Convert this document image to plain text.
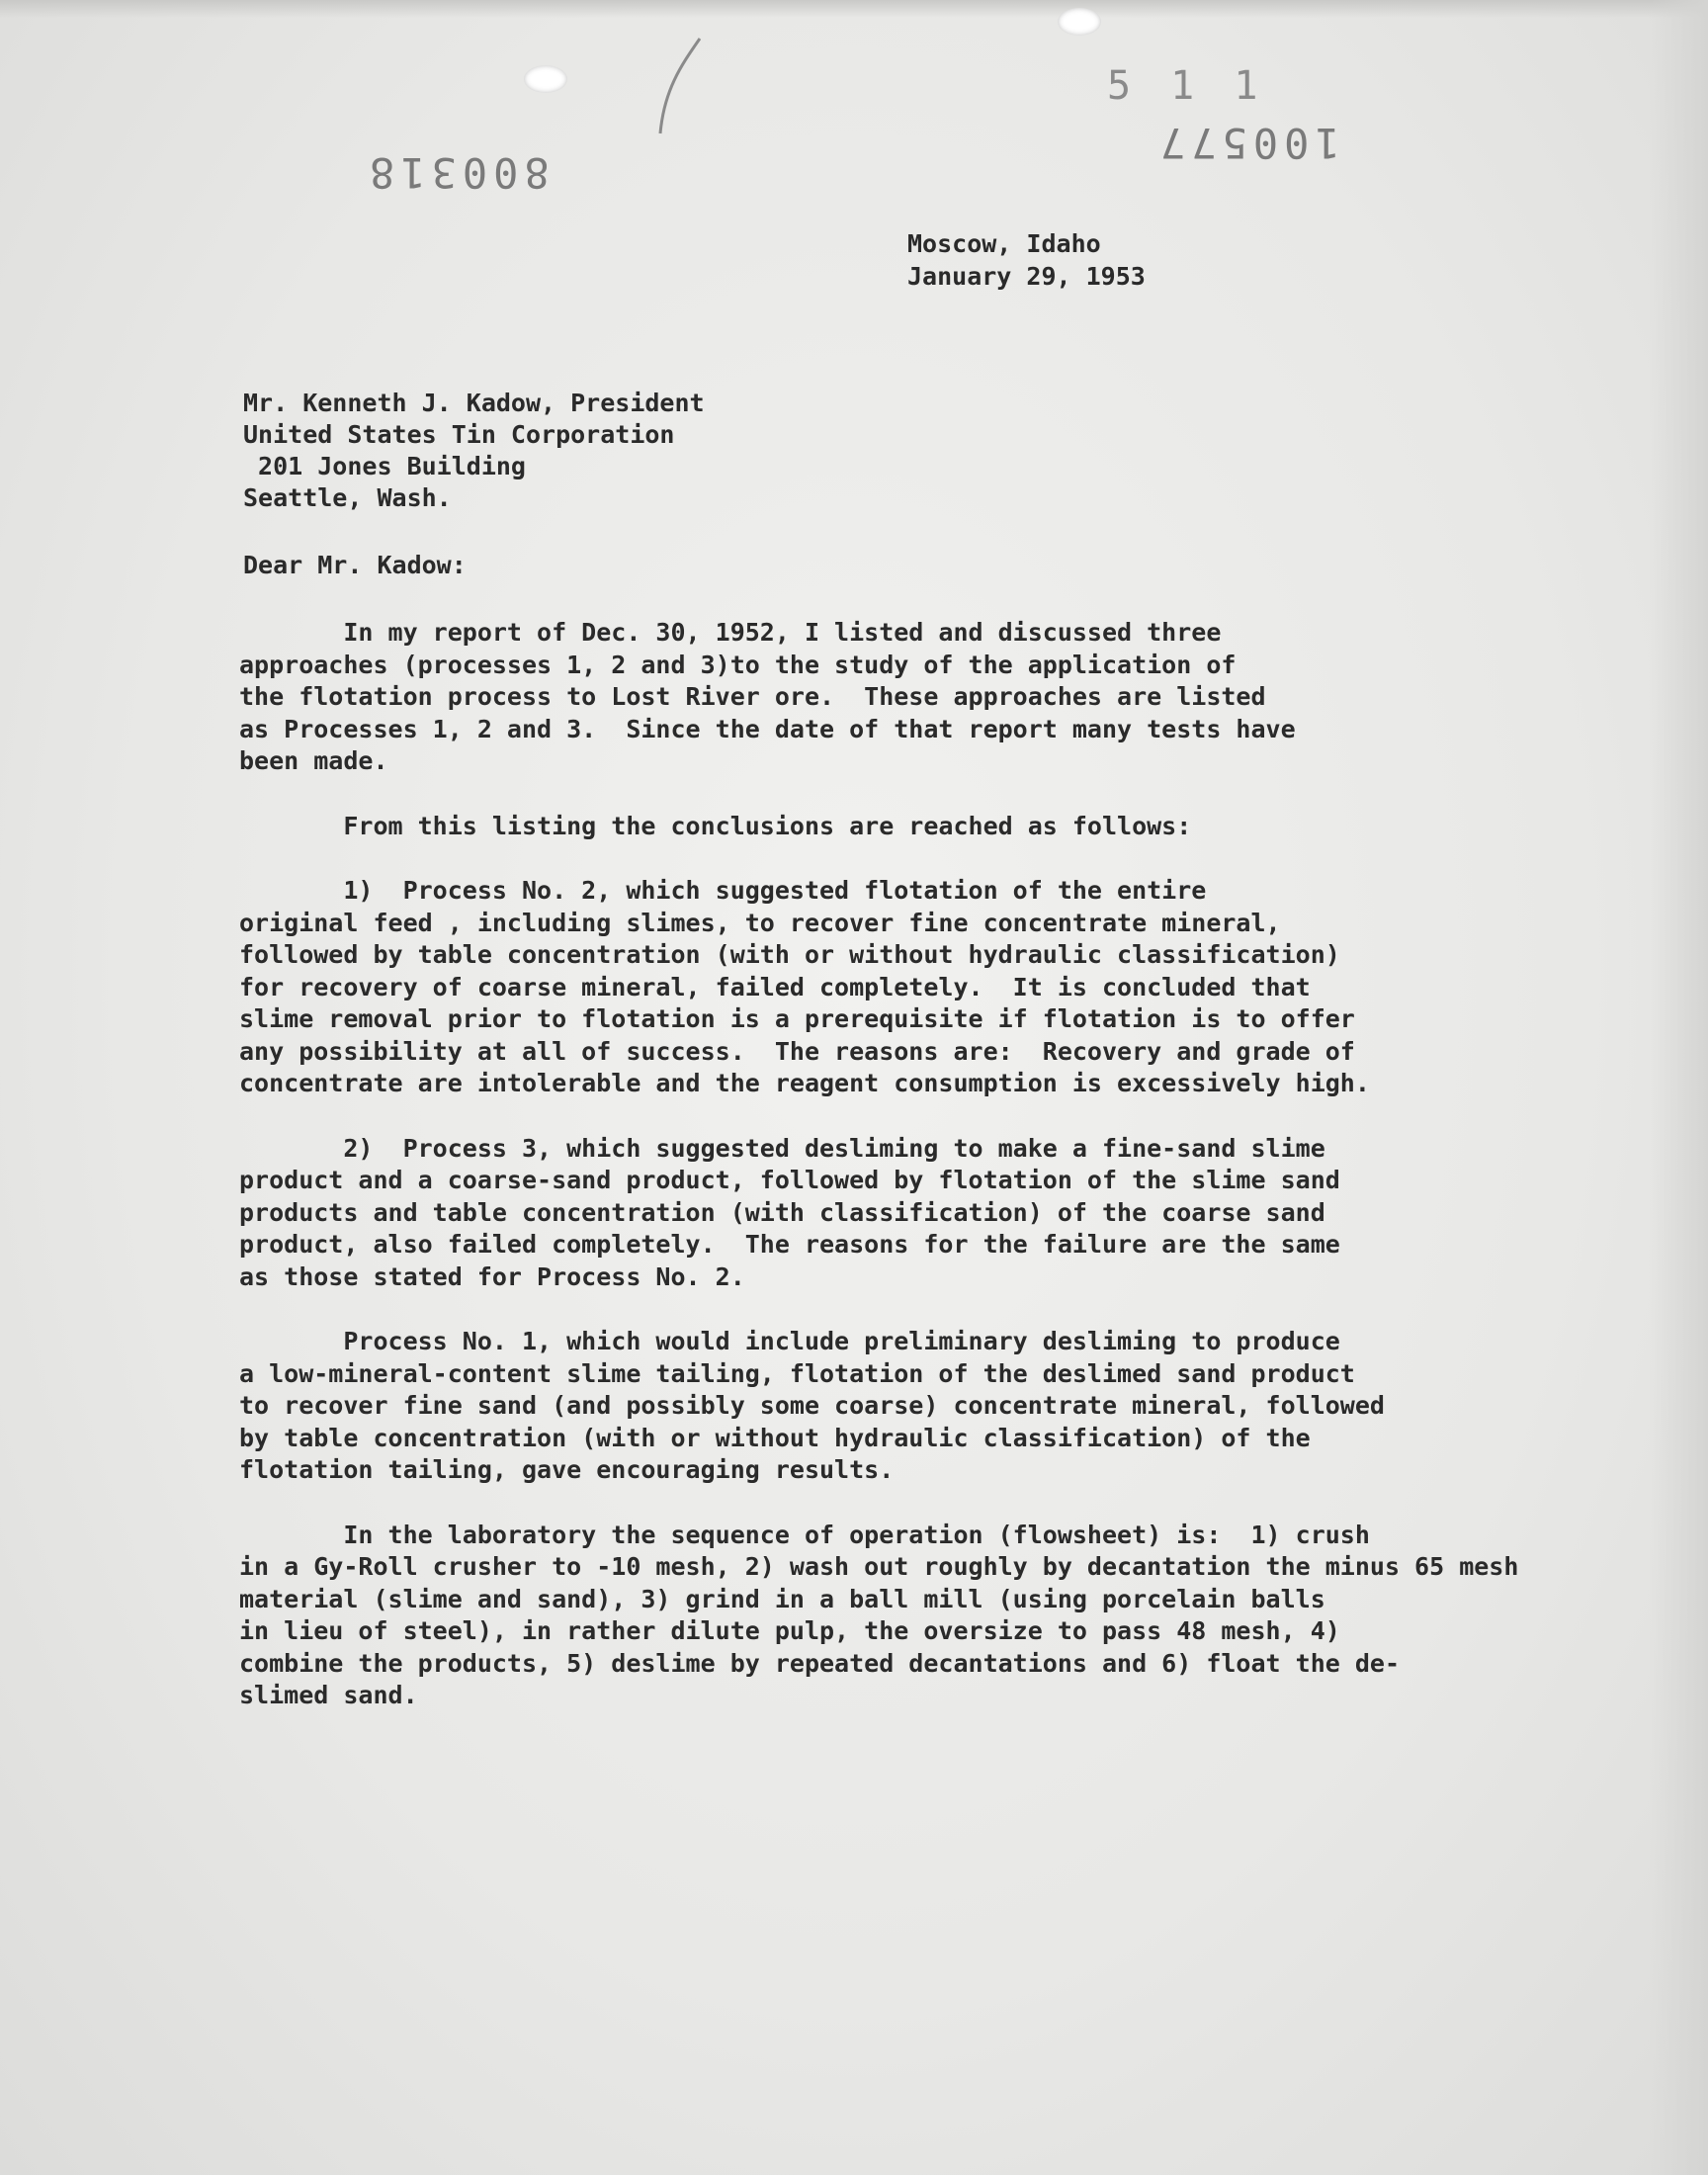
5 1 1
800318
100577
Moscow, Idaho
January 29, 1953
Mr. Kenneth J. Kadow, President
United States Tin Corporation
201 Jones Building
Seattle, Wash.
Dear Mr. Kadow:

In my report of Dec. 30, 1952, I listed and discussed three
approaches (processes 1, 2 and 3)to the study of the application of
the flotation process to Lost River ore.  These approaches are listed
as Processes 1, 2 and 3.  Since the date of that report many tests have
been made.

From this listing the conclusions are reached as follows:

1)  Process No. 2, which suggested flotation of the entire
original feed , including slimes, to recover fine concentrate mineral,
followed by table concentration (with or without hydraulic classification)
for recovery of coarse mineral, failed completely.  It is concluded that
slime removal prior to flotation is a prerequisite if flotation is to offer
any possibility at all of success.  The reasons are:  Recovery and grade of
concentrate are intolerable and the reagent consumption is excessively high.

2)  Process 3, which suggested desliming to make a fine-sand slime
product and a coarse-sand product, followed by flotation of the slime sand
products and table concentration (with classification) of the coarse sand
product, also failed completely.  The reasons for the failure are the same
as those stated for Process No. 2.

Process No. 1, which would include preliminary desliming to produce
a low-mineral-content slime tailing, flotation of the deslimed sand product
to recover fine sand (and possibly some coarse) concentrate mineral, followed
by table concentration (with or without hydraulic classification) of the
flotation tailing, gave encouraging results.

In the laboratory the sequence of operation (flowsheet) is:  1) crush
in a Gy-Roll crusher to -10 mesh, 2) wash out roughly by decantation the minus 65 mesh
material (slime and sand), 3) grind in a ball mill (using porcelain balls
in lieu of steel), in rather dilute pulp, the oversize to pass 48 mesh, 4)
combine the products, 5) deslime by repeated decantations and 6) float the de-
slimed sand.
